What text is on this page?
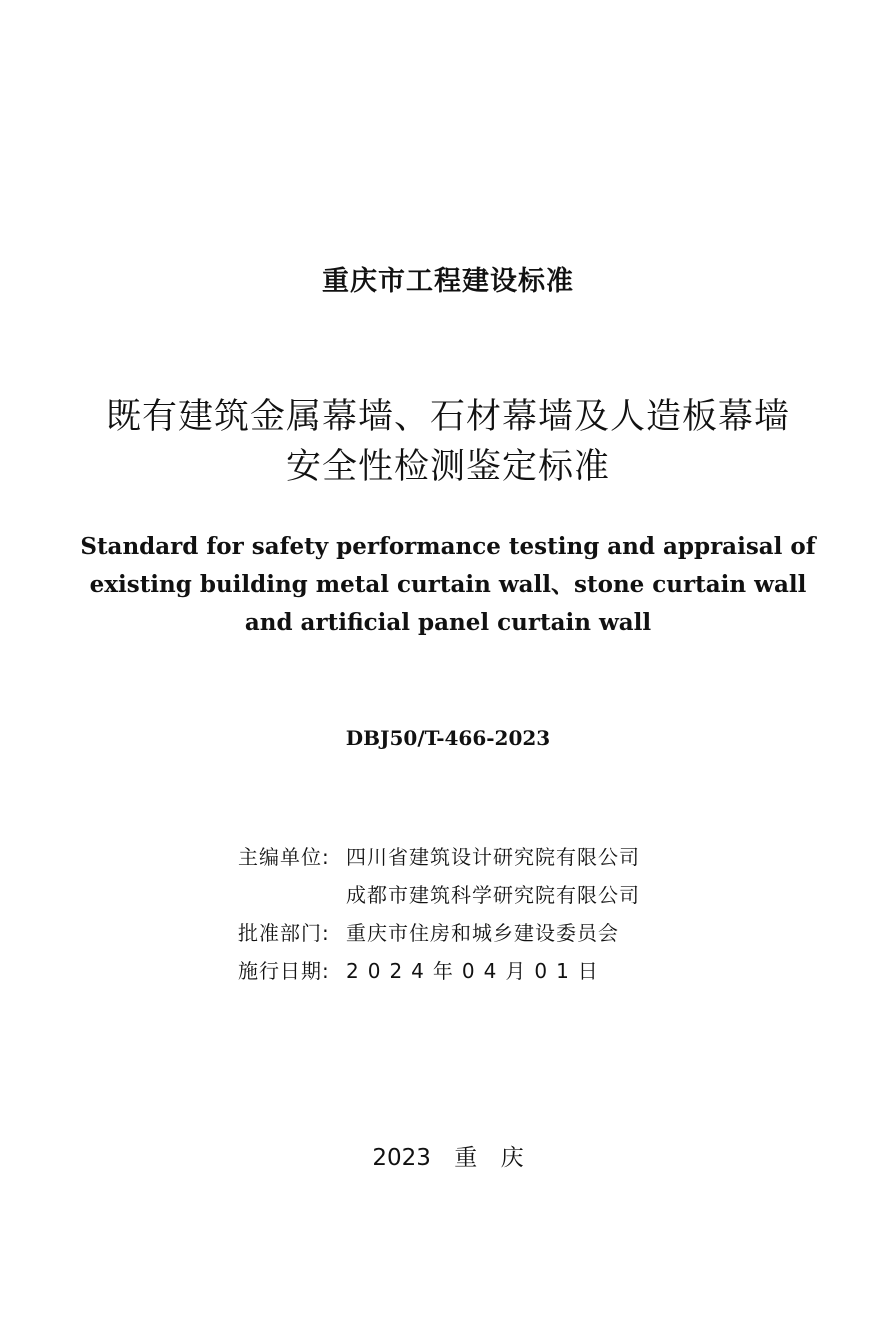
重庆市工程建设标准
既有建筑金属幕墙、石材幕墙及人造板幕墙
安全性检测鉴定标准
Standard for safety performance testing and appraisal of
existing building metal curtain wall、stone curtain wall
and artificial panel curtain wall
DBJ50/T-466-2023
主编单位: 四川省建筑设计研究院有限公司
成都市建筑科学研究院有限公司
批准部门: 重庆市住房和城乡建设委员会
施行日期: 2024年04月01日
2023 重 庆
